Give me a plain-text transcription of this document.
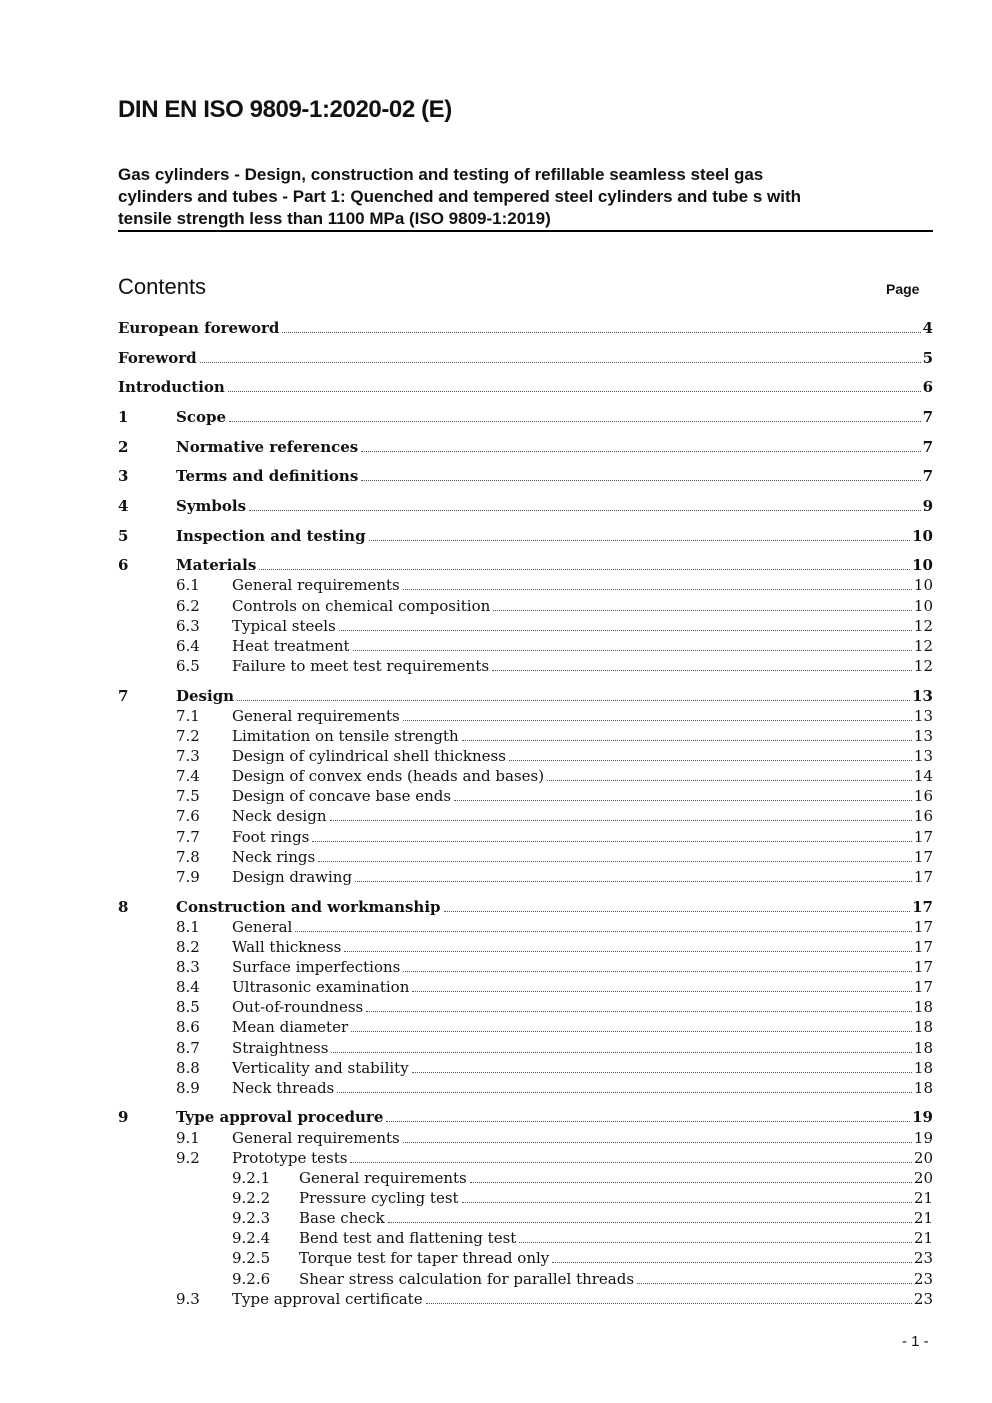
DIN EN ISO 9809-1:2020-02 (E)
Gas cylinders - Design, construction and testing of refillable seamless steel gas
cylinders and tubes - Part 1: Quenched and tempered steel cylinders and tube s with
tensile strength less than 1100 MPa (ISO 9809-1:2019)
Contents	Page
European foreword	4
Foreword	5
Introduction	6
1	Scope	7
2	Normative references	7
3	Terms and definitions	7
4	Symbols	9
5	Inspection and testing	10
6	Materials	10
6.1 General requirements	10
6.2 Controls on chemical composition	10
6.3 Typical steels	12
6.4 Heat treatment	12
6.5 Failure to meet test requirements	12
7	Design	13
7.1 General requirements	13
7.2 Limitation on tensile strength	13
7.3 Design of cylindrical shell thickness	13
7.4 Design of convex ends (heads and bases)	14
7.5 Design of concave base ends	16
7.6 Neck design	16
7.7 Foot rings	17
7.8 Neck rings	17
7.9 Design drawing	17
8	Construction and workmanship	17
8.1 General	17
8.2 Wall thickness	17
8.3 Surface imperfections	17
8.4 Ultrasonic examination	17
8.5 Out-of-roundness	18
8.6 Mean diameter	18
8.7 Straightness	18
8.8 Verticality and stability	18
8.9 Neck threads	18
9	Type approval procedure	19
9.1 General requirements	19
9.2 Prototype tests	20
9.2.1 General requirements	20
9.2.2 Pressure cycling test	21
9.2.3 Base check	21
9.2.4 Bend test and flattening test	21
9.2.5 Torque test for taper thread only	23
9.2.6 Shear stress calculation for parallel threads	23
9.3 Type approval certificate	23
- 1 -
